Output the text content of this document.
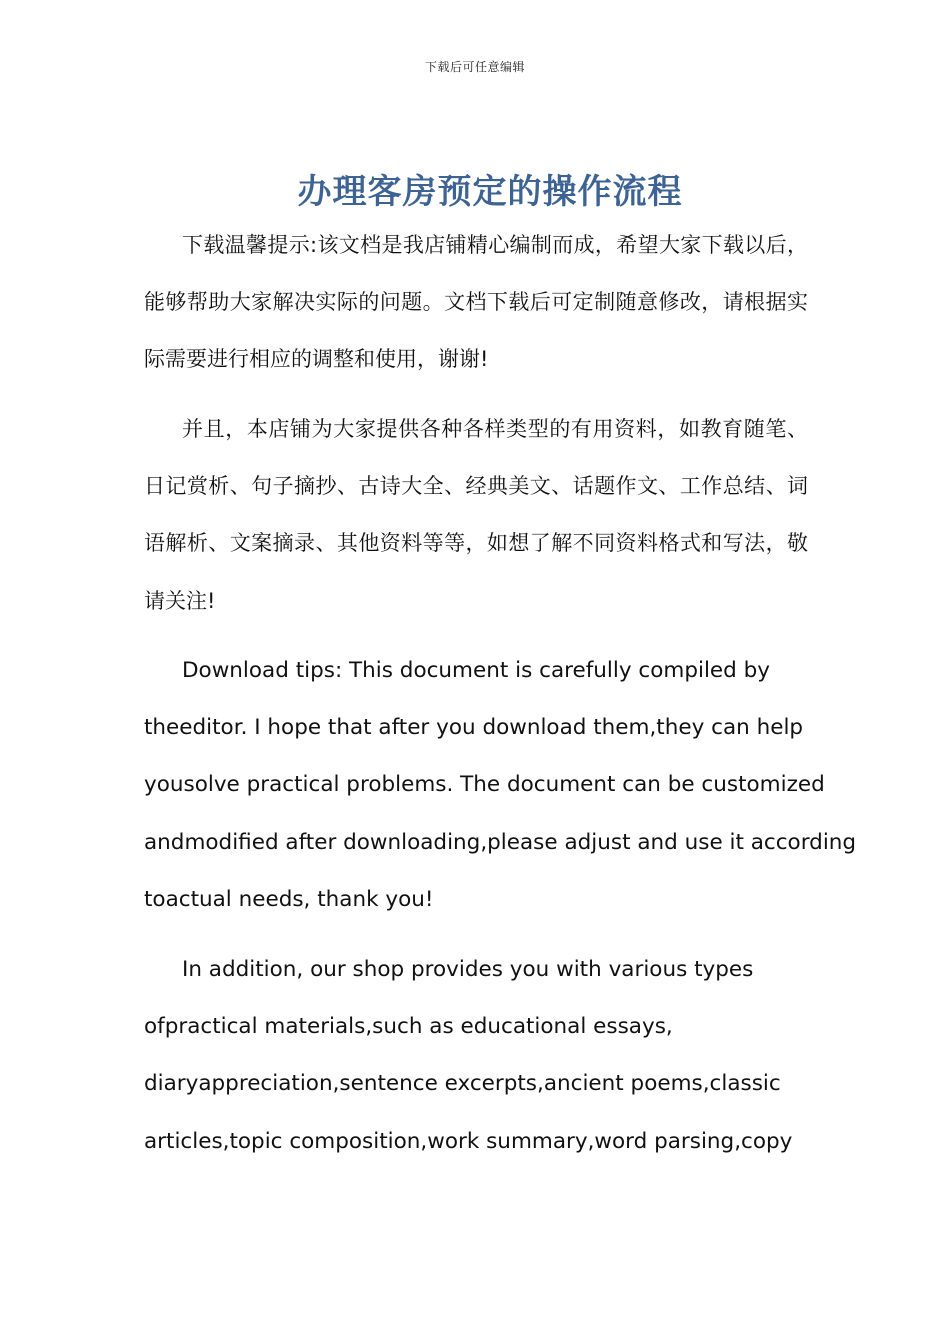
下载后可任意编辑
办理客房预定的操作流程

下载温馨提示:该文档是我店铺精心编制而成，希望大家下载以后，能够帮助大家解决实际的问题。文档下载后可定制随意修改，请根据实际需要进行相应的调整和使用，谢谢!

并且，本店铺为大家提供各种各样类型的有用资料，如教育随笔、日记赏析、句子摘抄、古诗大全、经典美文、话题作文、工作总结、词语解析、文案摘录、其他资料等等，如想了解不同资料格式和写法，敬请关注!

Download tips: This document is carefully compiled by
theeditor. I hope that after you download them,they can help
yousolve practical problems. The document can be customized
andmodified after downloading,please adjust and use it according
toactual needs, thank you!
In addition, our shop provides you with various types
ofpractical materials,such as educational essays,
diaryappreciation,sentence excerpts,ancient poems,classic
articles,topic composition,work summary,word parsing,copy
